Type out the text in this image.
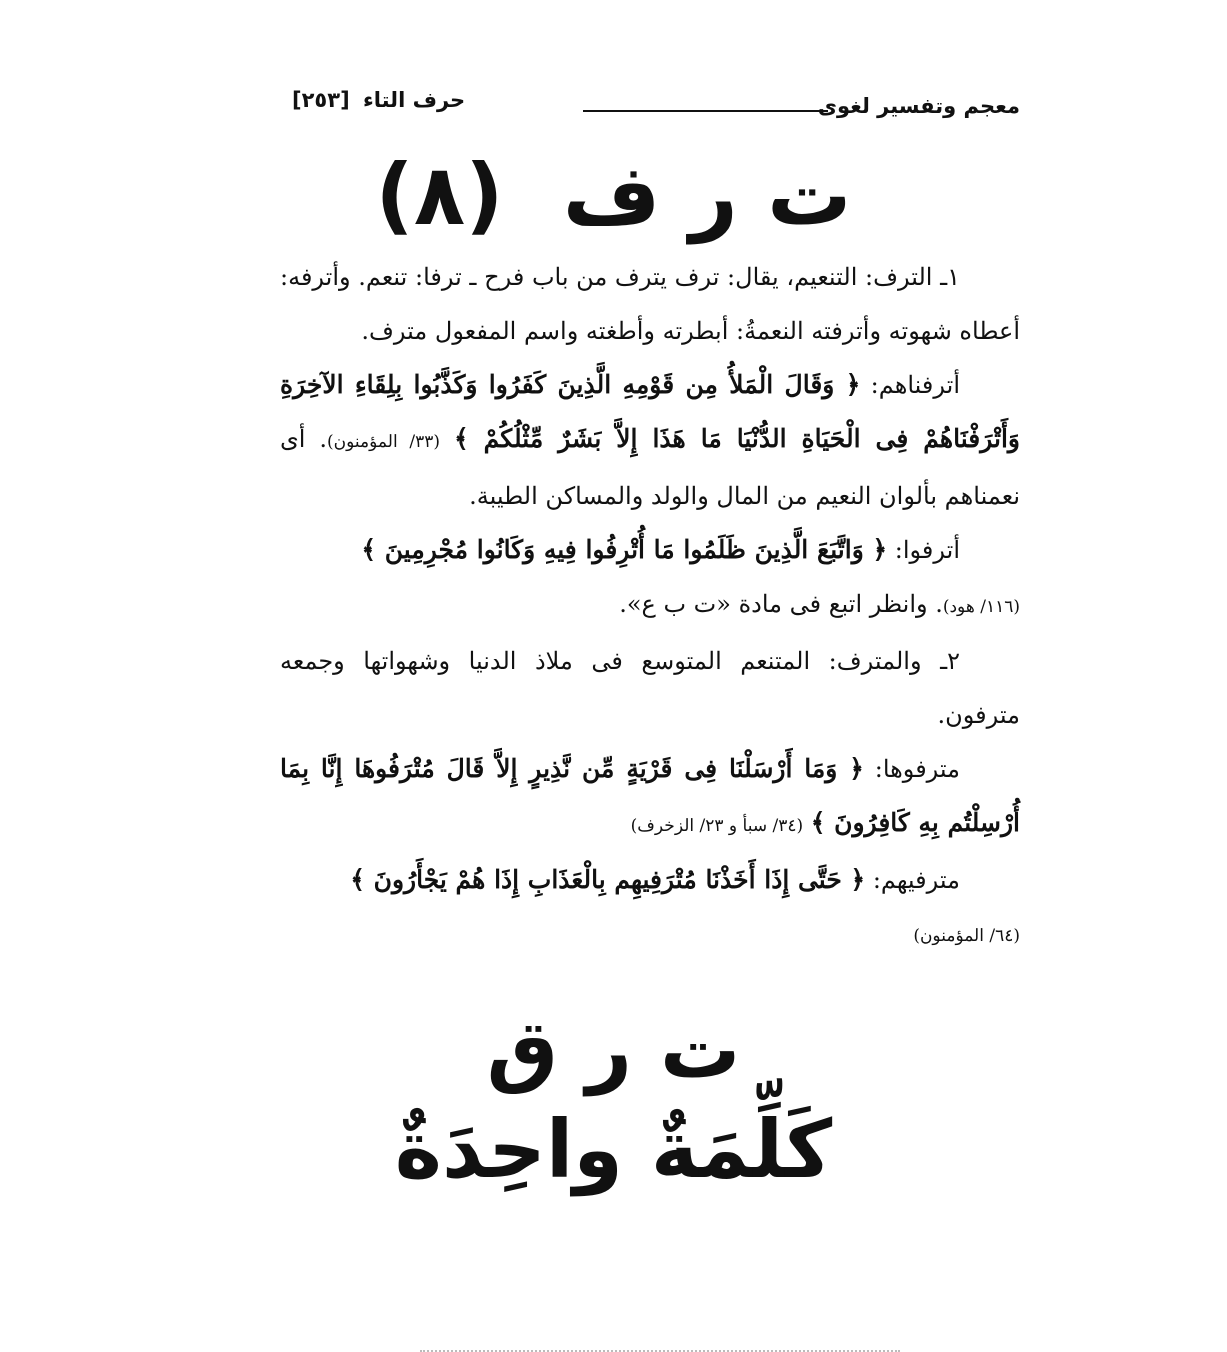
معجم وتفسير لغوى
حرف التاء [٢٥٣]
ت ر ف (٨)

١ـ الترف: التنعيم، يقال: ترف يترف من باب فرح ـ ترفا: تنعم. وأترفه: أعطاه شهوته وأترفته النعمةُ: أبطرته وأطغته واسم المفعول مترف.

أترفناهم: ﴿ وَقَالَ الْمَلأُ مِن قَوْمِهِ الَّذِينَ كَفَرُوا وَكَذَّبُوا بِلِقَاءِ الآخِرَةِ وَأَتْرَفْنَاهُمْ فِى الْحَيَاةِ الدُّنْيَا مَا هَذَا إِلاَّ بَشَرٌ مِّثْلُكُمْ ﴾ (٣٣/ المؤمنون). أى نعمناهم بألوان النعيم من المال والولد والمساكن الطيبة.

أترفوا: ﴿ وَاتَّبَعَ الَّذِينَ ظَلَمُوا مَا أُتْرِفُوا فِيهِ وَكَانُوا مُجْرِمِينَ ﴾

(١١٦/ هود). وانظر اتبع فى مادة «ت ب ع».

٢ـ والمترف: المتنعم المتوسع فى ملاذ الدنيا وشهواتها وجمعه مترفون.

مترفوها: ﴿ وَمَا أَرْسَلْنَا فِى قَرْيَةٍ مِّن نَّذِيرٍ إِلاَّ قَالَ مُتْرَفُوهَا إِنَّا بِمَا أُرْسِلْتُم بِهِ كَافِرُونَ ﴾ (٣٤/ سبأ و ٢٣/ الزخرف)

مترفيهم: ﴿ حَتَّى إِذَا أَخَذْنَا مُتْرَفِيهِم بِالْعَذَابِ إِذَا هُمْ يَجْأَرُونَ ﴾

(٦٤/ المؤمنون)

ت ر ق
كَلِّمَةٌ واحِدَةٌ
